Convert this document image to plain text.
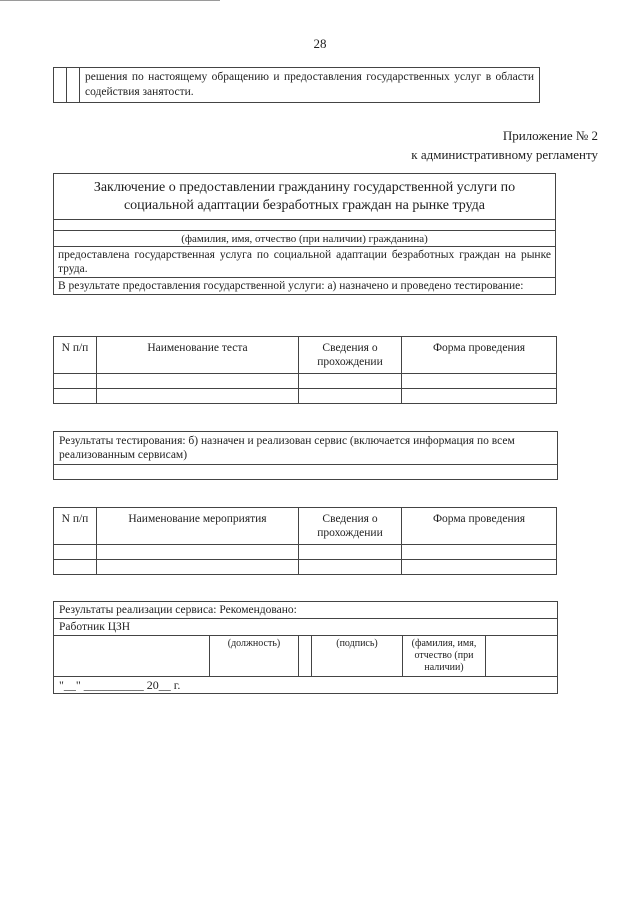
28
		решения по настоящему обращению и предоставления государственных услуг в области содействия занятости.
Приложение № 2
к административному регламенту
Заключение о предоставлении гражданину государственной услуги по социальной адаптации безработных граждан на рынке труда

(фамилия, имя, отчество (при наличии) гражданина)
предоставлена государственная услуга по социальной адаптации безработных граждан на рынке труда.
В результате предоставления государственной услуги: а) назначено и проведено тестирование:
N п/п	Наименование теста	Сведения о прохождении	Форма проведения

Результаты тестирования: б) назначен и реализован сервис (включается информация по всем реализованным сервисам)

N п/п	Наименование мероприятия	Сведения о прохождении	Форма проведения

Результаты реализации сервиса: Рекомендовано:
Работник ЦЗН
	(должность)		(подпись)	(фамилия, имя, отчество (при наличии)	
"__" __________ 20__ г.
